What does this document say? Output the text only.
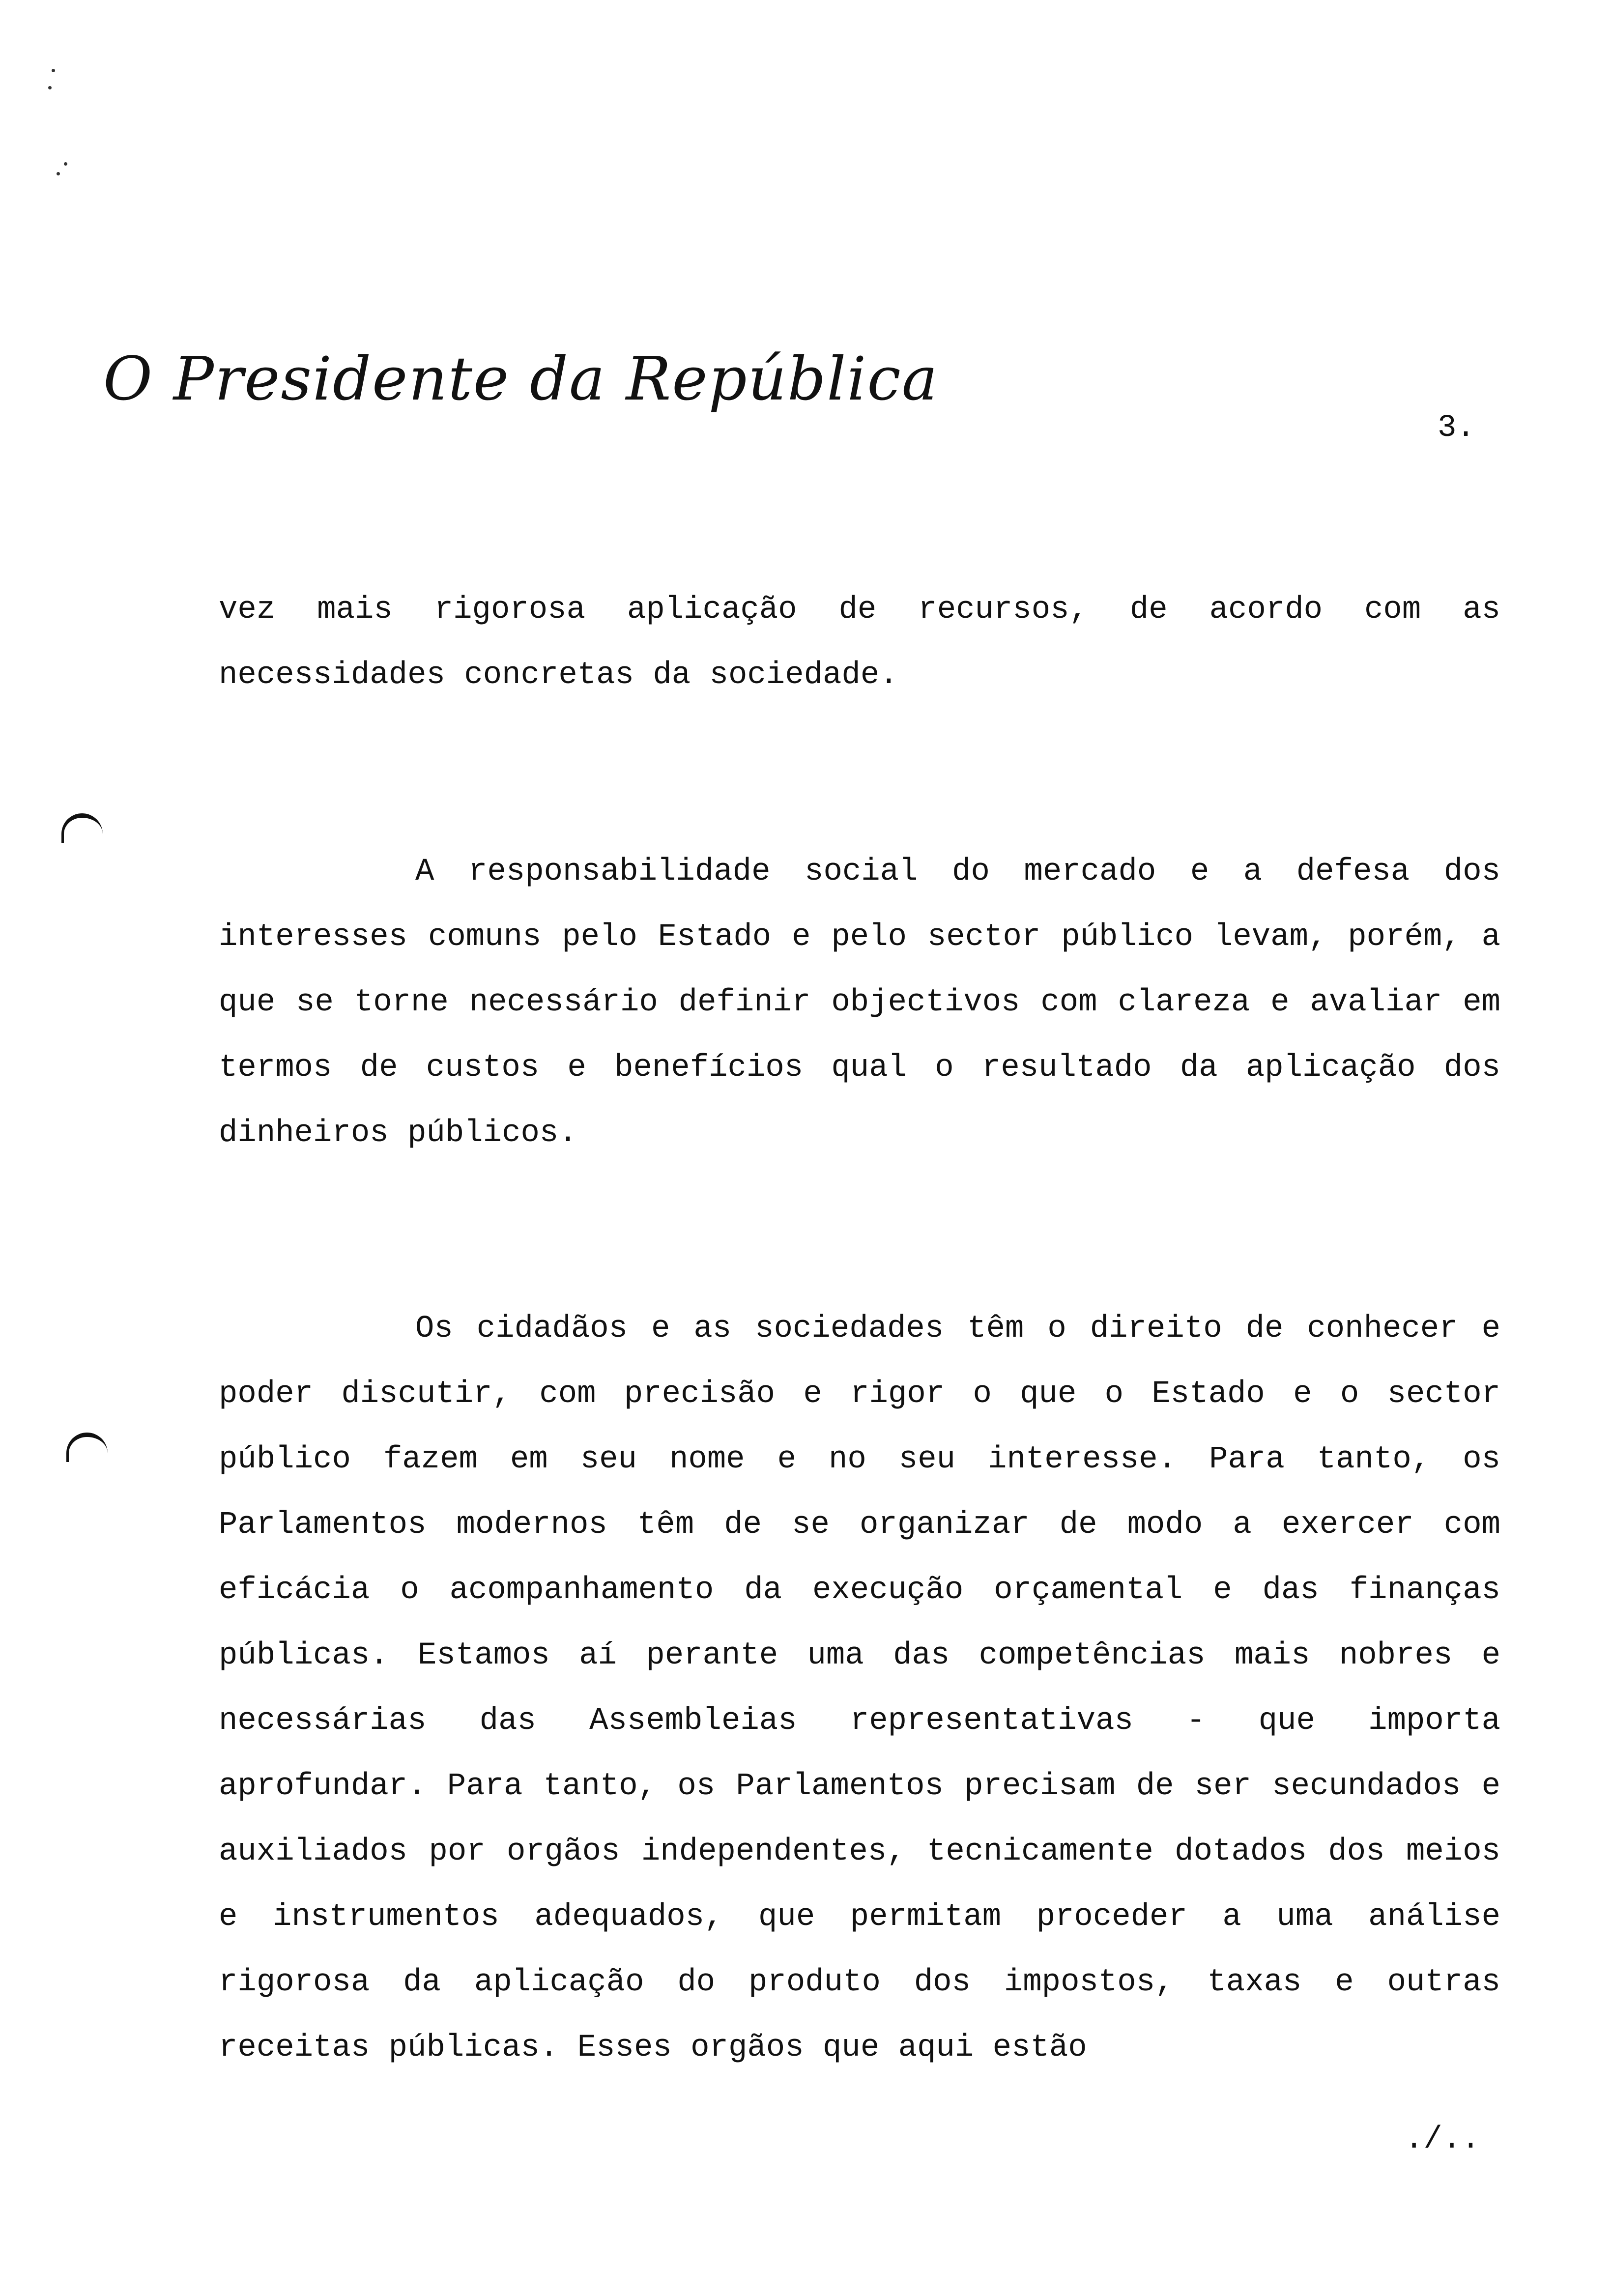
O Presidente da República
3.

vez mais rigorosa aplicação de recursos, de acordo com as necessidades concretas da sociedade.

A responsabilidade social do mercado e a defesa dos interesses comuns pelo Estado e pelo sector público levam, porém, a que se torne necessário definir objectivos com clareza e avaliar em termos de custos e benefícios qual o resultado da aplicação dos dinheiros públicos.

Os cidadãos e as sociedades têm o direito de conhecer e poder discutir, com precisão e rigor o que o Estado e o sector público fazem em seu nome e no seu interesse. Para tanto, os Parlamentos modernos têm de se organizar de modo a exercer com eficácia o acompanhamento da execução orçamental e das finanças públicas. Estamos aí perante uma das competências mais nobres e necessárias das Assembleias representativas - que importa aprofundar. Para tanto, os Parlamentos precisam de ser secundados e auxiliados por orgãos independentes, tecnicamente dotados dos meios e instrumentos adequados, que permitam proceder a uma análise rigorosa da aplicação do produto dos impostos, taxas e outras receitas públicas. Esses orgãos que aqui estão

./..
